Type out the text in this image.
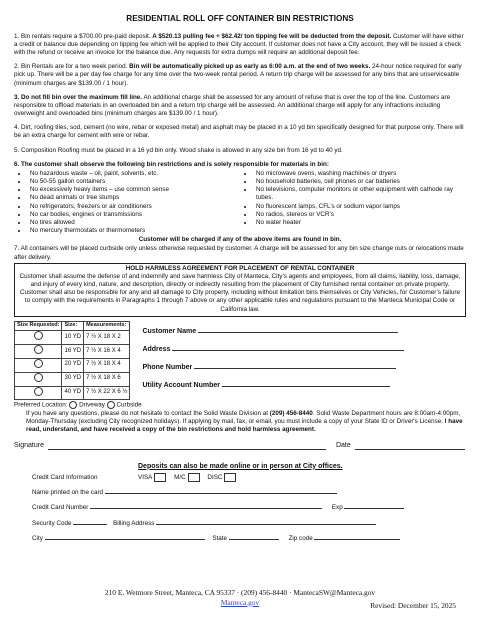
RESIDENTIAL ROLL OFF CONTAINER BIN RESTRICTIONS
1. Bin rentals require a $700.00 pre-paid deposit. A $520.13 pulling fee + $62.42/ ton tipping fee will be deducted from the deposit. Customer will have either a credit or balance due depending on tipping fee which will be applied to their City account. If customer does not have a City account, they will be issued a check with the refund or receive an invoice for the balance due. Any requests for extra dumps will require an additional deposit fee.
2. Bin Rentals are for a two week period. Bin will be automatically picked up as early as 6:00 a.m. at the end of two weeks. 24-hour notice required for early pick up. There will be a per day fee charge for any time over the two-week rental period. A return trip charge will be assessed for any bins that are unserviceable (minimum charges are $139.00 / 1 hour).
3. Do not fill bin over the maximum fill line. An additional charge shall be assessed for any amount of refuse that is over the top of the line. Customers are responsible to offload materials in an overloaded bin and a return trip charge will be assessed. An additional charge will apply for any infractions including overweight and overloaded bins (minimum charges are $139.00 / 1 hour).
4. Dirt, roofing tiles, sod, cement (no wire, rebar or exposed metal) and asphalt may be placed in a 10 yd bin specifically designed for that purpose only. There will be an extra charge for cement with wire or rebar.
5. Composition Roofing must be placed in a 16 yd bin only. Wood shake is allowed in any size bin from 16 yd to 40 yd.
6. The customer shall observe the following bin restrictions and is solely responsible for materials in bin:
• No hazardous waste – oil, paint, solvents, etc.
• No 50-55 gallon containers
• No excessively heavy items – use common sense
• No dead animals or tree stumps
• No refrigerators, freezers or air conditioners
• No car bodies, engines or transmissions
• No tires allowed
• No mercury thermostats or thermometers
• No microwave ovens, washing machines or dryers
• No household batteries, cell phones or car batteries
• No televisions, computer monitors or other equipment with cathode ray tubes.
• No fluorescent lamps, CFL’s or sodium vapor lamps
• No radios, stereos or VCR’s
• No water heater
Customer will be charged if any of the above items are found in bin.
7. All containers will be placed curbside only unless otherwise requested by customer. A charge will be assessed for any bin size change outs or relocations made after delivery.
HOLD HARMLESS AGREEMENT FOR PLACEMENT OF RENTAL CONTAINER
Customer shall assume the defense of and indemnify and save harmless City of Manteca, City’s agents and employees, from all claims, liability, loss, damage, and injury of every kind, nature, and description, directly or indirectly resulting from the placement of City furnished rental container on private property. Customer shall also be responsible for any and all damage to City property, including without limitation bins themselves or City Vehicles, for Customer’s failure to comply with the requirements in Paragraphs 1 through 7 above or any other applicable rules and regulations pursuant to the Manteca Municipal Code or California law.
Size Requested:	Size:	Measurements:
	10 YD	7 ½ X 18 X 2
	16 YD	7 ½ X 16 X 4
	20 YD	7 ½ X 18 X 4
	30 YD	7 ½ X 18 X 6
	40 YD	7 ½ X 22 X 6 ½
Customer Name
Address
Phone Number
Utility Account Number
Preferred Location: Driveway Curbside
If you have any questions, please do not hesitate to contact the Solid Waste Division at (209) 456-8440. Solid Waste Department hours are 8:00am-4:00pm, Monday-Thursday (excluding City recognized holidays). If applying by mail, fax, or email, you must include a copy of your State ID or Driver's License. I have read, understand, and have received a copy of the bin restrictions and hold harmless agreement.
Signature	Date
Credit Card Information
Deposits can also be made online or in person at City offices.
VISA	M/C	DISC
Name printed on the card
Credit Card Number	Exp
Security Code	Billing Address
City	State	Zip code
210 E. Wetmore Street, Manteca, CA 95337 · (209) 456-8440 · MantecaSW@Manteca.gov
Manteca.gov	Revised: December 15, 2025
